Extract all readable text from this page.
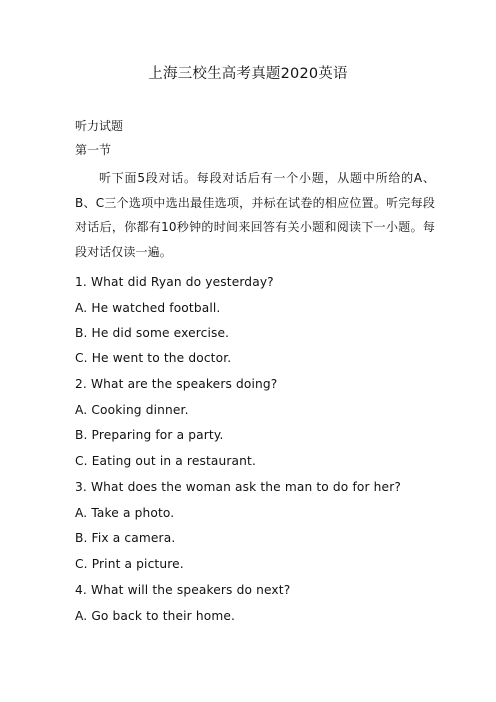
上海三校生高考真题2020英语
听力试题
第一节
听下面5段对话。每段对话后有一个小题，从题中所给的A、B、C三个选项中选出最佳选项，并标在试卷的相应位置。听完每段对话后，你都有10秒钟的时间来回答有关小题和阅读下一小题。每段对话仅读一遍。
1. What did Ryan do yesterday?
A. He watched football.
B. He did some exercise.
C. He went to the doctor.
2. What are the speakers doing?
A. Cooking dinner.
B. Preparing for a party.
C. Eating out in a restaurant.
3. What does the woman ask the man to do for her?
A. Take a photo.
B. Fix a camera.
C. Print a picture.
4. What will the speakers do next?
A. Go back to their home.
